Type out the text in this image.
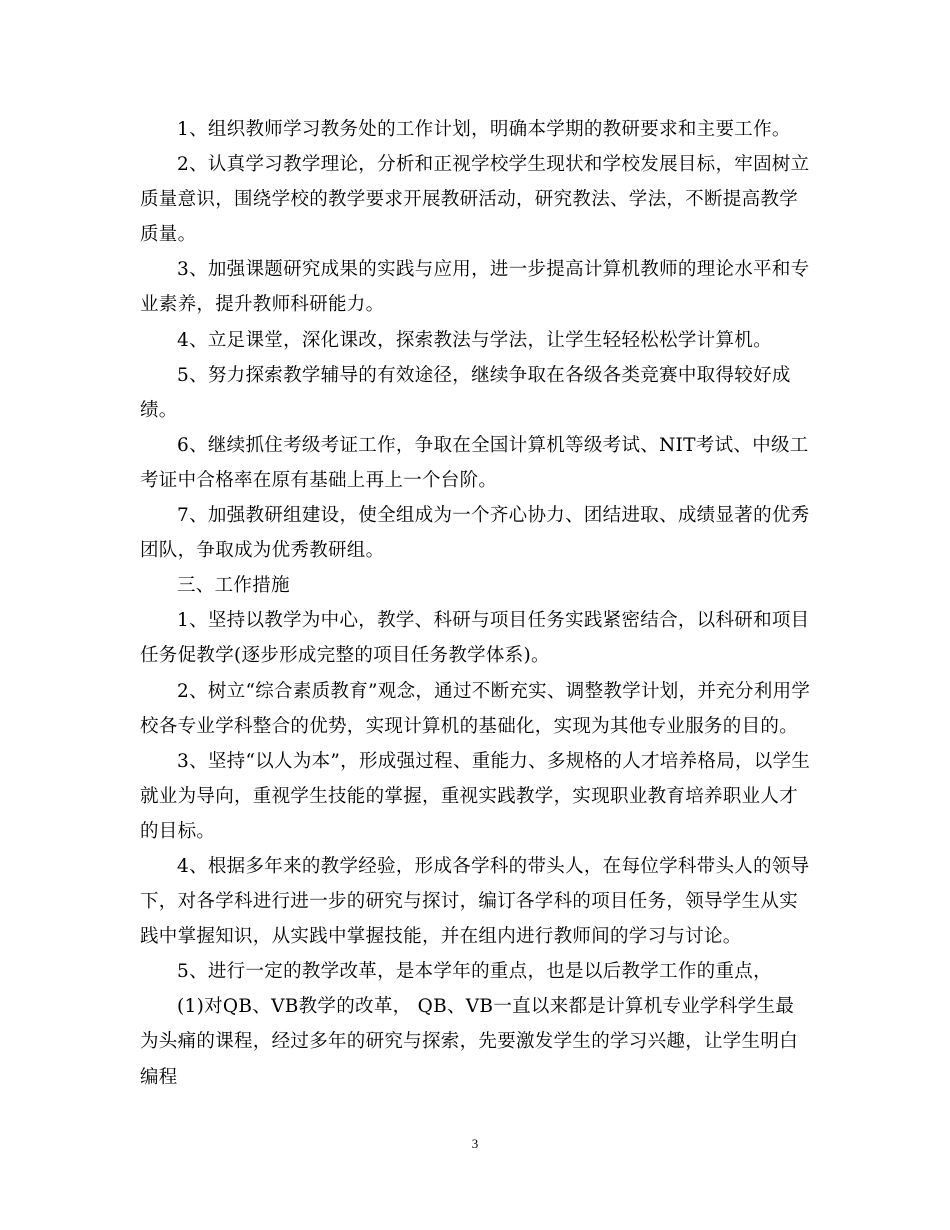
1、组织教师学习教务处的工作计划，明确本学期的教研要求和主要工作。

2、认真学习教学理论，分析和正视学校学生现状和学校发展目标，牢固树立质量意识，围绕学校的教学要求开展教研活动，研究教法、学法，不断提高教学质量。

3、加强课题研究成果的实践与应用，进一步提高计算机教师的理论水平和专业素养，提升教师科研能力。

4、立足课堂，深化课改，探索教法与学法，让学生轻轻松松学计算机。

5、努力探索教学辅导的有效途径，继续争取在各级各类竞赛中取得较好成绩。

6、继续抓住考级考证工作，争取在全国计算机等级考试、NIT考试、中级工考证中合格率在原有基础上再上一个台阶。

7、加强教研组建设，使全组成为一个齐心协力、团结进取、成绩显著的优秀团队，争取成为优秀教研组。

三、工作措施

1、坚持以教学为中心，教学、科研与项目任务实践紧密结合，以科研和项目任务促教学(逐步形成完整的项目任务教学体系)。

2、树立“综合素质教育”观念，通过不断充实、调整教学计划，并充分利用学校各专业学科整合的优势，实现计算机的基础化，实现为其他专业服务的目的。

3、坚持“以人为本”，形成强过程、重能力、多规格的人才培养格局，以学生就业为导向，重视学生技能的掌握，重视实践教学，实现职业教育培养职业人才的目标。

4、根据多年来的教学经验，形成各学科的带头人，在每位学科带头人的领导下，对各学科进行进一步的研究与探讨，编订各学科的项目任务，领导学生从实践中掌握知识，从实践中掌握技能，并在组内进行教师间的学习与讨论。

5、进行一定的教学改革，是本学年的重点，也是以后教学工作的重点，

(1)对QB、VB教学的改革， QB、VB一直以来都是计算机专业学科学生最为头痛的课程，经过多年的研究与探索，先要激发学生的学习兴趣，让学生明白编程

3
